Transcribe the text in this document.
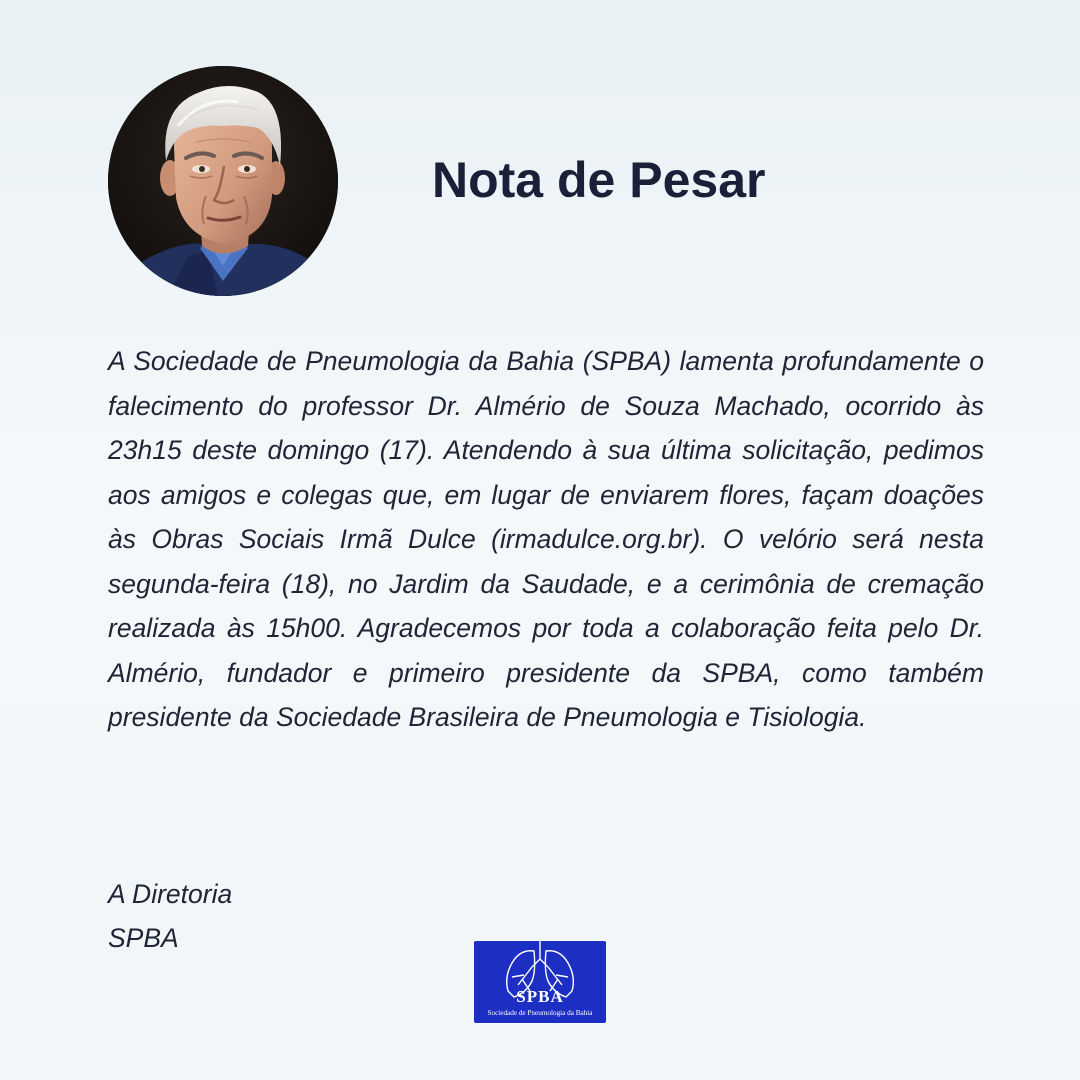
Nota de Pesar

A Sociedade de Pneumologia da Bahia (SPBA) lamenta profundamente o falecimento do professor Dr. Almério de Souza Machado, ocorrido às 23h15 deste domingo (17). Atendendo à sua última solicitação, pedimos aos amigos e colegas que, em lugar de enviarem flores, façam doações às Obras Sociais Irmã Dulce (irmadulce.org.br). O velório será nesta segunda-feira (18), no Jardim da Saudade, e a cerimônia de cremação realizada às 15h00. Agradecemos por toda a colaboração feita pelo Dr. Almério, fundador e primeiro presidente da SPBA, como também presidente da Sociedade Brasileira de Pneumologia e Tisiologia.

A Diretoria
SPBA
SPBA
Sociedade de Pneumologia da Bahia
